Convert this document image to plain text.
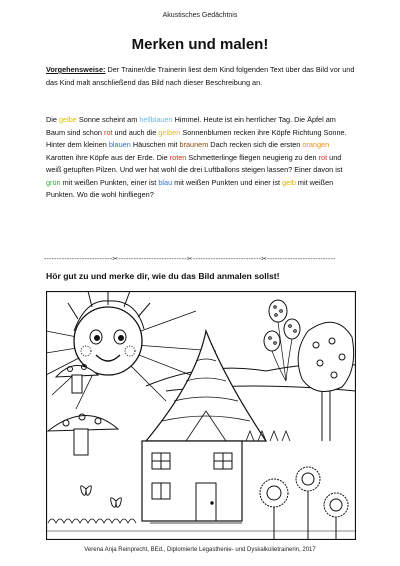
Akustisches Gedächtnis
Merken und malen!
Vorgehensweise: Der Trainer/die Trainerin liest dem Kind folgenden Text über das Bild vor und das Kind malt anschließend das Bild nach dieser Beschreibung an.
Die gelbe Sonne scheint am hellblauen Himmel. Heute ist ein herrlicher Tag. Die Äpfel am Baum sind schon rot und auch die gelben Sonnenblumen recken ihre Köpfe Richtung Sonne. Hinter dem kleinen blauen Häuschen mit braunem Dach recken sich die ersten orangen Karotten ihre Köpfe aus der Erde. Die roten Schmetterlinge fliegen neugierig zu den rot und weiß getupften Pilzen. Und wer hat wohl die drei Luftballons steigen lassen? Einer davon ist grün mit weißen Punkten, einer ist blau mit weißen Punkten und einer ist gelb mit weißen Punkten. Wo die wohl hinfliegen?
---------------------------✂---------------------------✂---------------------------✂---------------------------
Hör gut zu und merke dir, wie du das Bild anmalen sollst!
Verena Anja Reinprecht, BEd., Diplomierte Legasthenie- und Dyskalkulietrainerin, 2017
